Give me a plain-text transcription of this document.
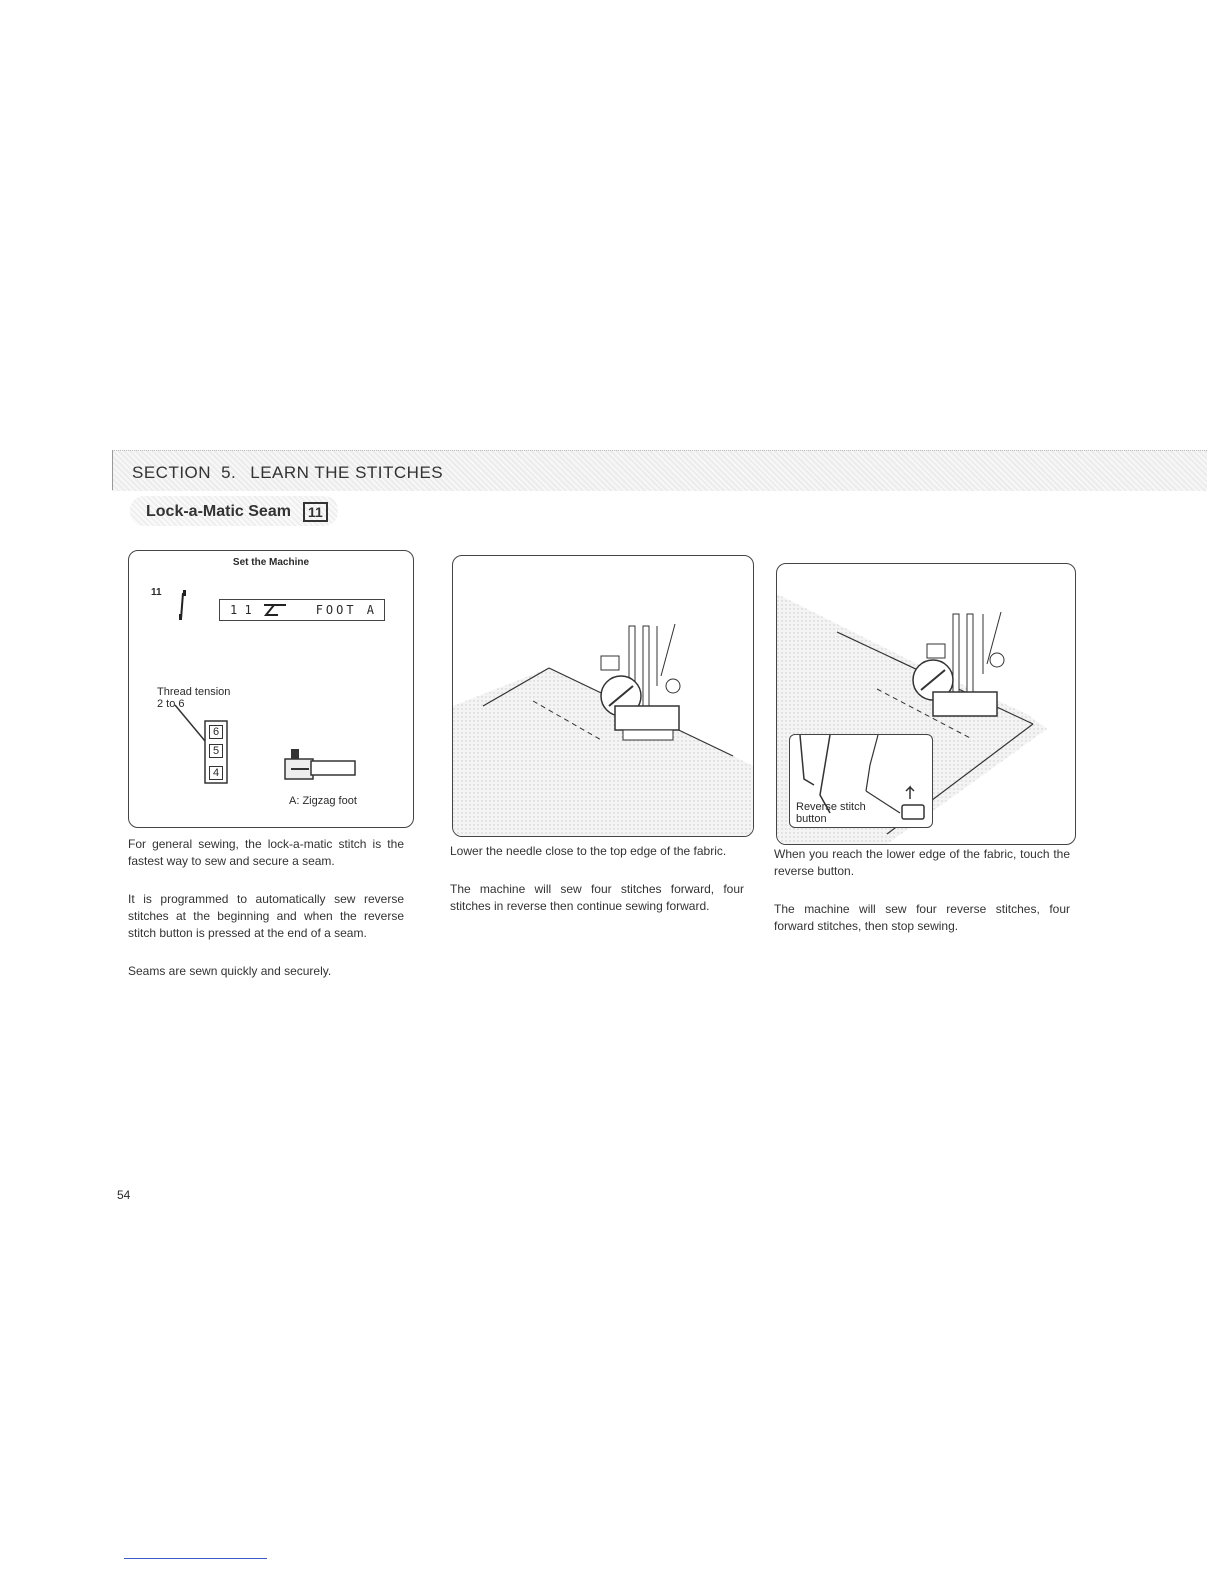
SECTION 5. LEARN THE STITCHES
Lock-a-Matic Seam	11
Set the Machine
11
1 1	FOOT A
Thread tension
2 to 6
6
5
4
A: Zigzag foot	Reverse stitch
button

For general sewing, the lock-a-matic stitch is the fastest way to sew and secure a seam.

It is programmed to automatically sew reverse stitches at the beginning and when the reverse stitch button is pressed at the end of a seam.

Seams are sewn quickly and securely.

Lower the needle close to the top edge of the fabric.

The machine will sew four stitches forward, four stitches in reverse then continue sewing forward.

When you reach the lower edge of the fabric, touch the reverse button.

The machine will sew four reverse stitches, four forward stitches, then stop sewing.

54
